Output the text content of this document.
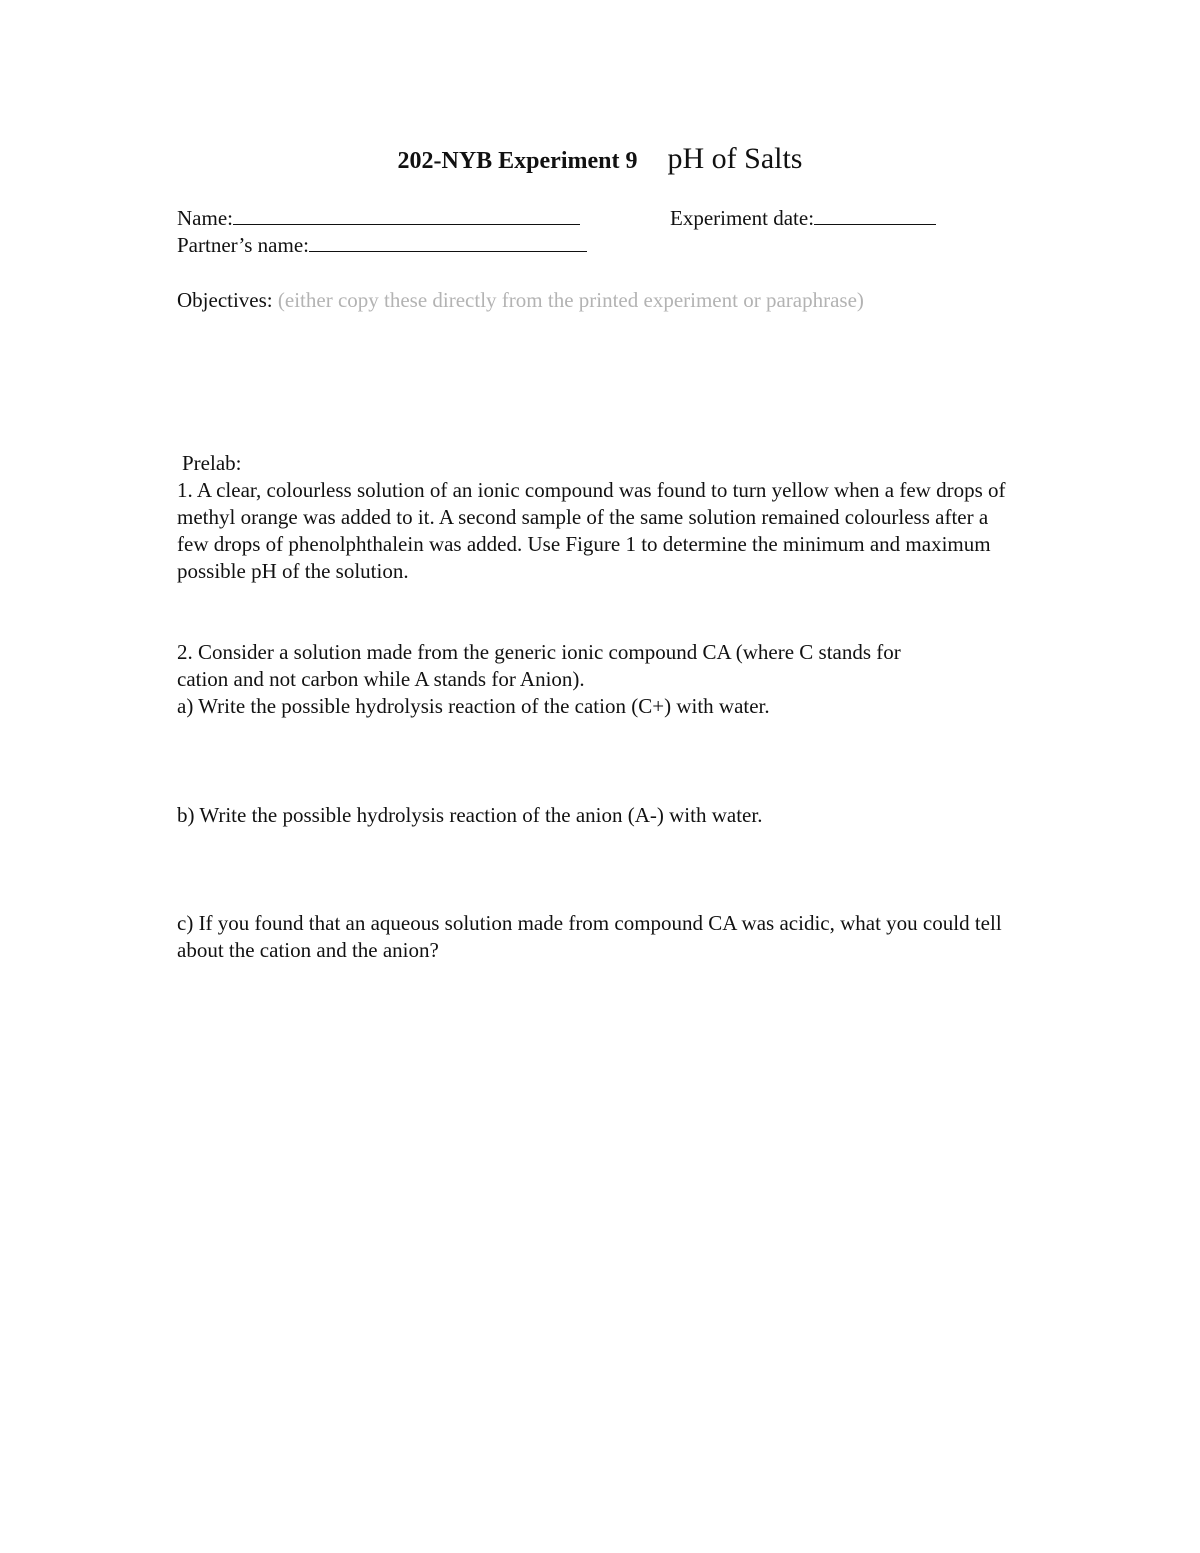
202-NYB Experiment 9 pH of Salts
Name:	Experiment date:
Partner’s name:
Objectives: (either copy these directly from the printed experiment or paraphrase)
Prelab:

1. A clear, colourless solution of an ionic compound was found to turn yellow when a few drops of methyl orange was added to it. A second sample of the same solution remained colourless after a few drops of phenolphthalein was added. Use Figure 1 to determine the minimum and maximum possible pH of the solution.

2. Consider a solution made from the generic ionic compound CA (where C stands for
cation and not carbon while A stands for Anion).
a) Write the possible hydrolysis reaction of the cation (C+) with water.
b) Write the possible hydrolysis reaction of the anion (A-) with water.

c) If you found that an aqueous solution made from compound CA was acidic, what you could tell about the cation and the anion?
